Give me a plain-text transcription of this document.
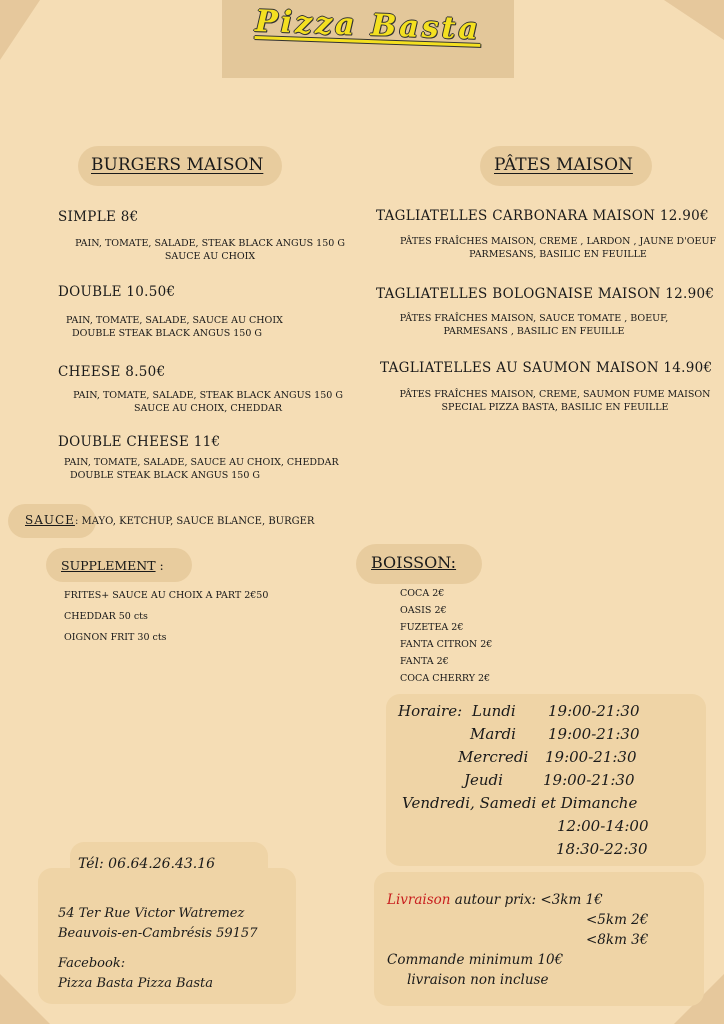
Pizza Basta
BURGERS MAISON	PÂTES MAISON
SIMPLE 8€
PAIN, TOMATE, SALADE, STEAK BLACK ANGUS 150 G
SAUCE AU CHOIX
DOUBLE 10.50€
PAIN, TOMATE, SALADE, SAUCE AU CHOIX
DOUBLE STEAK BLACK ANGUS 150 G
CHEESE 8.50€
PAIN, TOMATE, SALADE, STEAK BLACK ANGUS 150 G
SAUCE AU CHOIX, CHEDDAR
DOUBLE CHEESE 11€
PAIN, TOMATE, SALADE, SAUCE AU CHOIX, CHEDDAR
DOUBLE STEAK BLACK ANGUS 150 G
TAGLIATELLES CARBONARA MAISON 12.90€
PÂTES FRAÎCHES MAISON, CREME , LARDON , JAUNE D'OEUF
PARMESANS, BASILIC EN FEUILLE
TAGLIATELLES BOLOGNAISE MAISON 12.90€
PÂTES FRAÎCHES MAISON, SAUCE TOMATE , BOEUF,
PARMESANS , BASILIC EN FEUILLE
TAGLIATELLES AU SAUMON MAISON 14.90€
PÂTES FRAÎCHES MAISON, CREME, SAUMON FUME MAISON
SPECIAL PIZZA BASTA, BASILIC EN FEUILLE
SAUCE: MAYO, KETCHUP, SAUCE BLANCE, BURGER
SUPPLEMENT :
FRITES+ SAUCE AU CHOIX A PART 2€50
CHEDDAR 50 cts
OIGNON FRIT 30 cts
BOISSON:
COCA 2€
OASIS 2€
FUZETEA 2€
FANTA CITRON 2€
FANTA 2€
COCA CHERRY 2€
Horaire: Lundi 19:00-21:30
Mardi 19:00-21:30
Mercredi 19:00-21:30
Jeudi	19:00-21:30
Vendredi, Samedi et Dimanche
12:00-14:00
18:30-22:30
Tél: 06.64.26.43.16
54 Ter Rue Victor Watremez
Beauvois-en-Cambrésis 59157
Facebook:
Pizza Basta Pizza Basta
Livraison autour prix: <3km 1€
<5km 2€
<8km 3€
Commande minimum 10€
livraison non incluse
